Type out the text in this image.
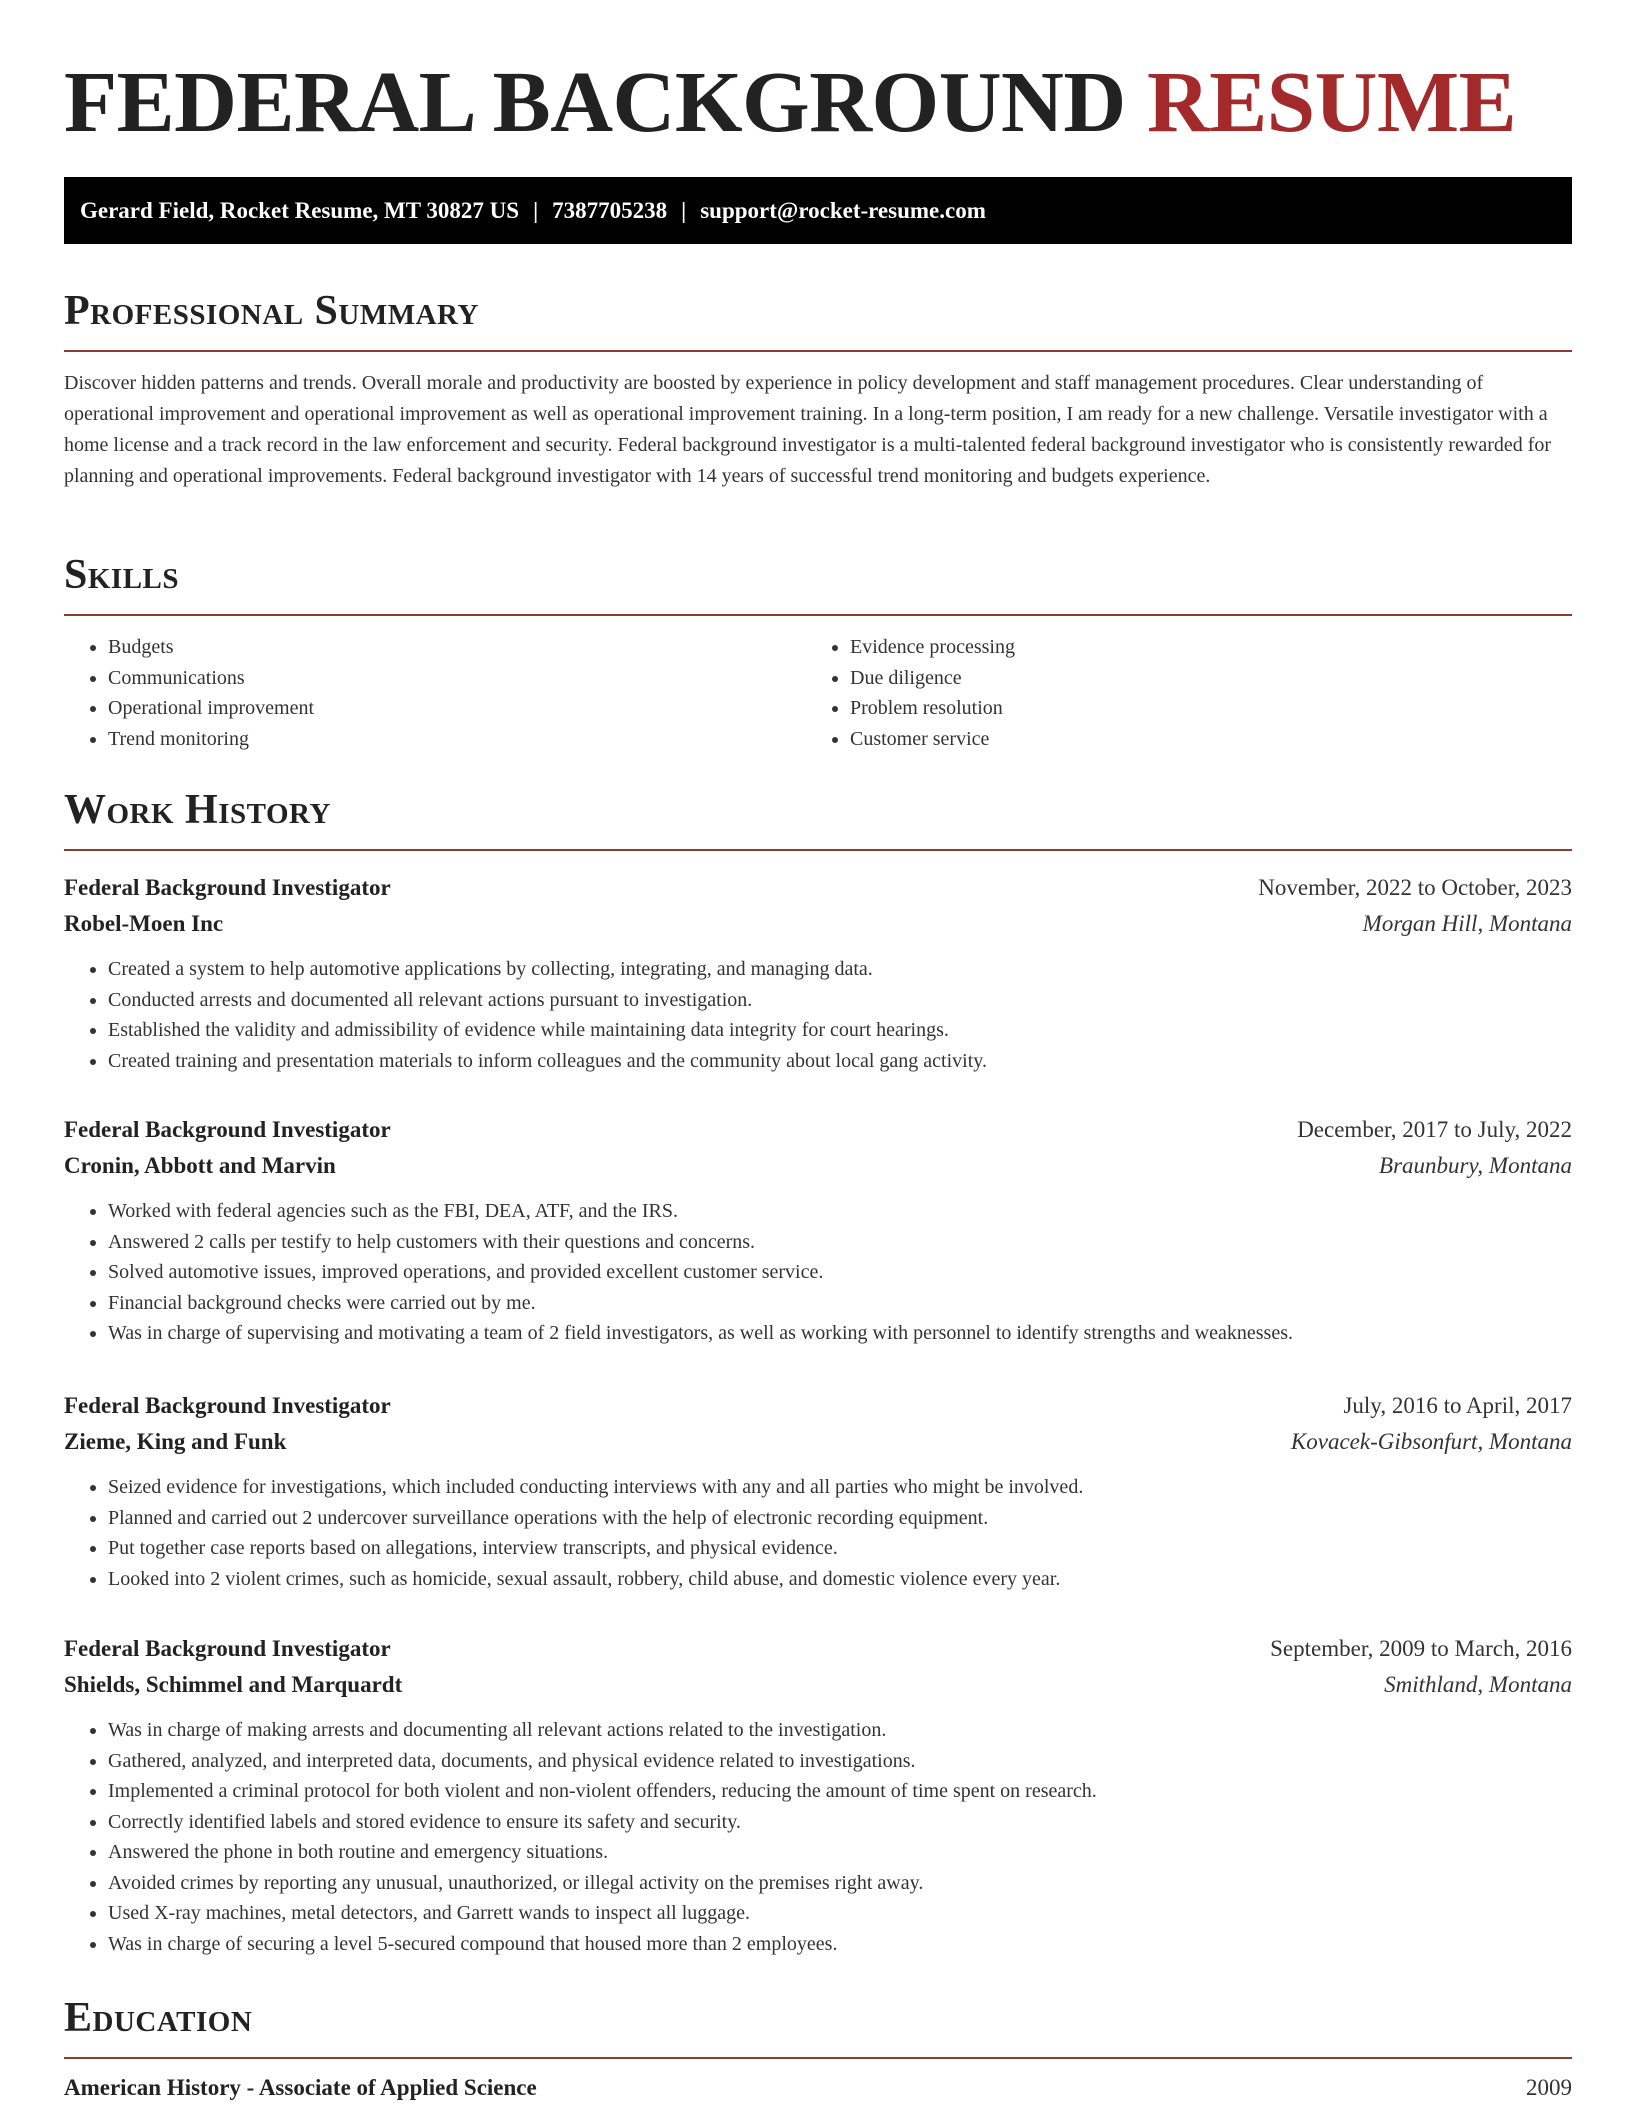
FEDERAL BACKGROUND RESUME
Gerard Field, Rocket Resume, MT 30827 US | 7387705238 | support@rocket-resume.com
Professional Summary

Discover hidden patterns and trends. Overall morale and productivity are boosted by experience in policy development and staff management procedures. Clear understanding of operational improvement and operational improvement as well as operational improvement training. In a long-term position, I am ready for a new challenge. Versatile investigator with a home license and a track record in the law enforcement and security. Federal background investigator is a multi-talented federal background investigator who is consistently rewarded for planning and operational improvements. Federal background investigator with 14 years of successful trend monitoring and budgets experience.

Skills
• Budgets
• Communications
• Operational improvement
• Trend monitoring
• Evidence processing
• Due diligence
• Problem resolution
• Customer service
Work History
Federal Background Investigator	November, 2022 to October, 2023
Robel-Moen Inc	Morgan Hill, Montana
• Created a system to help automotive applications by collecting, integrating, and managing data.
• Conducted arrests and documented all relevant actions pursuant to investigation.
• Established the validity and admissibility of evidence while maintaining data integrity for court hearings.
• Created training and presentation materials to inform colleagues and the community about local gang activity.
Federal Background Investigator	December, 2017 to July, 2022
Cronin, Abbott and Marvin	Braunbury, Montana
• Worked with federal agencies such as the FBI, DEA, ATF, and the IRS.
• Answered 2 calls per testify to help customers with their questions and concerns.
• Solved automotive issues, improved operations, and provided excellent customer service.
• Financial background checks were carried out by me.
• Was in charge of supervising and motivating a team of 2 field investigators, as well as working with personnel to identify strengths and weaknesses.
Federal Background Investigator	July, 2016 to April, 2017
Zieme, King and Funk	Kovacek-Gibsonfurt, Montana
• Seized evidence for investigations, which included conducting interviews with any and all parties who might be involved.
• Planned and carried out 2 undercover surveillance operations with the help of electronic recording equipment.
• Put together case reports based on allegations, interview transcripts, and physical evidence.
• Looked into 2 violent crimes, such as homicide, sexual assault, robbery, child abuse, and domestic violence every year.
Federal Background Investigator	September, 2009 to March, 2016
Shields, Schimmel and Marquardt	Smithland, Montana
• Was in charge of making arrests and documenting all relevant actions related to the investigation.
• Gathered, analyzed, and interpreted data, documents, and physical evidence related to investigations.
• Implemented a criminal protocol for both violent and non-violent offenders, reducing the amount of time spent on research.
• Correctly identified labels and stored evidence to ensure its safety and security.
• Answered the phone in both routine and emergency situations.
• Avoided crimes by reporting any unusual, unauthorized, or illegal activity on the premises right away.
• Used X-ray machines, metal detectors, and Garrett wands to inspect all luggage.
• Was in charge of securing a level 5-secured compound that housed more than 2 employees.
Education
American History - Associate of Applied Science	2009
